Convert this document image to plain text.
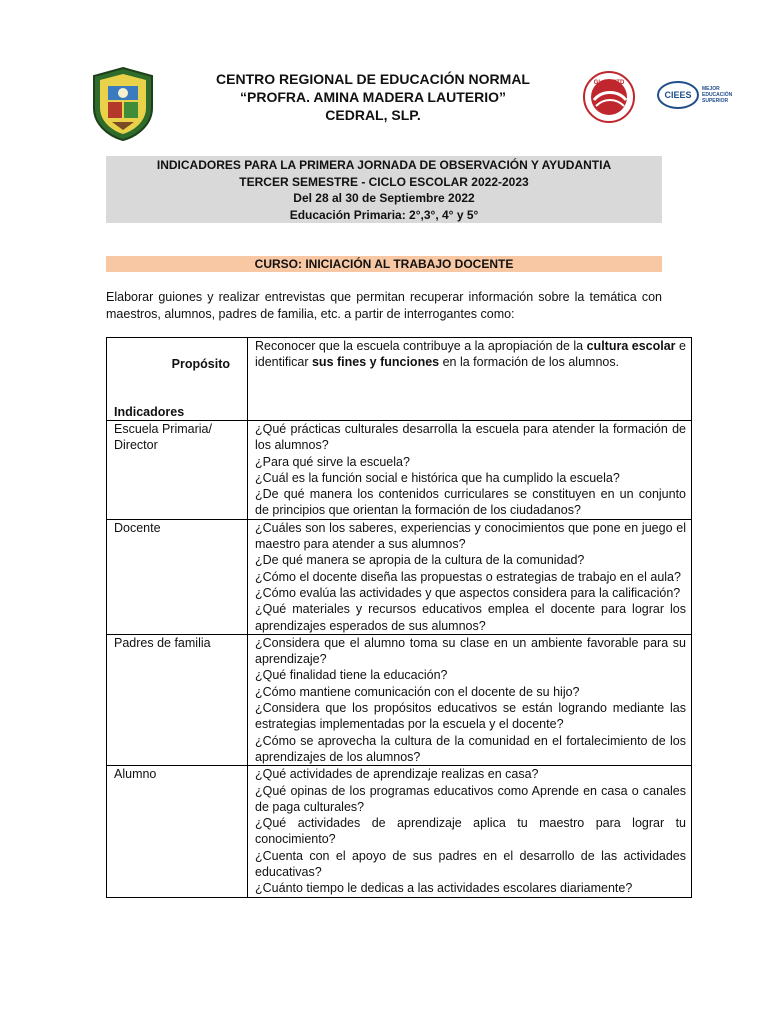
CENTRO REGIONAL DE EDUCACIÓN NORMAL
“PROFRA. AMINA MADERA LAUTERIO”
CEDRAL, SLP.
GlobalSTD
CIEES
MEJOR
EDUCACIÓN
SUPERIOR
INDICADORES PARA LA PRIMERA JORNADA DE OBSERVACIÓN Y AYUDANTIA
TERCER SEMESTRE - CICLO ESCOLAR 2022-2023
Del 28 al 30 de Septiembre 2022
Educación Primaria: 2°,3°, 4° y 5°
CURSO: INICIACIÓN AL TRABAJO DOCENTE
Elaborar guiones y realizar entrevistas que permitan recuperar información sobre la temática con maestros, alumnos, padres de familia, etc. a partir de interrogantes como:
Propósito
Indicadores	Reconocer que la escuela contribuye a la apropiación de la cultura escolar e identificar sus fines y funciones en la formación de los alumnos.
Escuela Primaria/ Director	¿Qué prácticas culturales desarrolla la escuela para atender la formación de los alumnos?
¿Para qué sirve la escuela?
¿Cuál es la función social e histórica que ha cumplido la escuela?
¿De qué manera los contenidos curriculares se constituyen en un conjunto de principios que orientan la formación de los ciudadanos?

Docente	¿Cuáles son los saberes, experiencias y conocimientos que pone en juego el maestro para atender a sus alumnos?
¿De qué manera se apropia de la cultura de la comunidad?
¿Cómo el docente diseña las propuestas o estrategias de trabajo en el aula?
¿Cómo evalúa las actividades y que aspectos considera para la calificación?
¿Qué materiales y recursos educativos emplea el docente para lograr los aprendizajes esperados de sus alumnos?

Padres de familia	¿Considera que el alumno toma su clase en un ambiente favorable para su aprendizaje?
¿Qué finalidad tiene la educación?
¿Cómo mantiene comunicación con el docente de su hijo?
¿Considera que los propósitos educativos se están logrando mediante las estrategias implementadas por la escuela y el docente?
¿Cómo se aprovecha la cultura de la comunidad en el fortalecimiento de los aprendizajes de los alumnos?

Alumno	¿Qué actividades de aprendizaje realizas en casa?
¿Qué opinas de los programas educativos como Aprende en casa o canales de paga culturales?
¿Qué actividades de aprendizaje aplica tu maestro para lograr tu conocimiento?
¿Cuenta con el apoyo de sus padres en el desarrollo de las actividades educativas?
¿Cuánto tiempo le dedicas a las actividades escolares diariamente?
